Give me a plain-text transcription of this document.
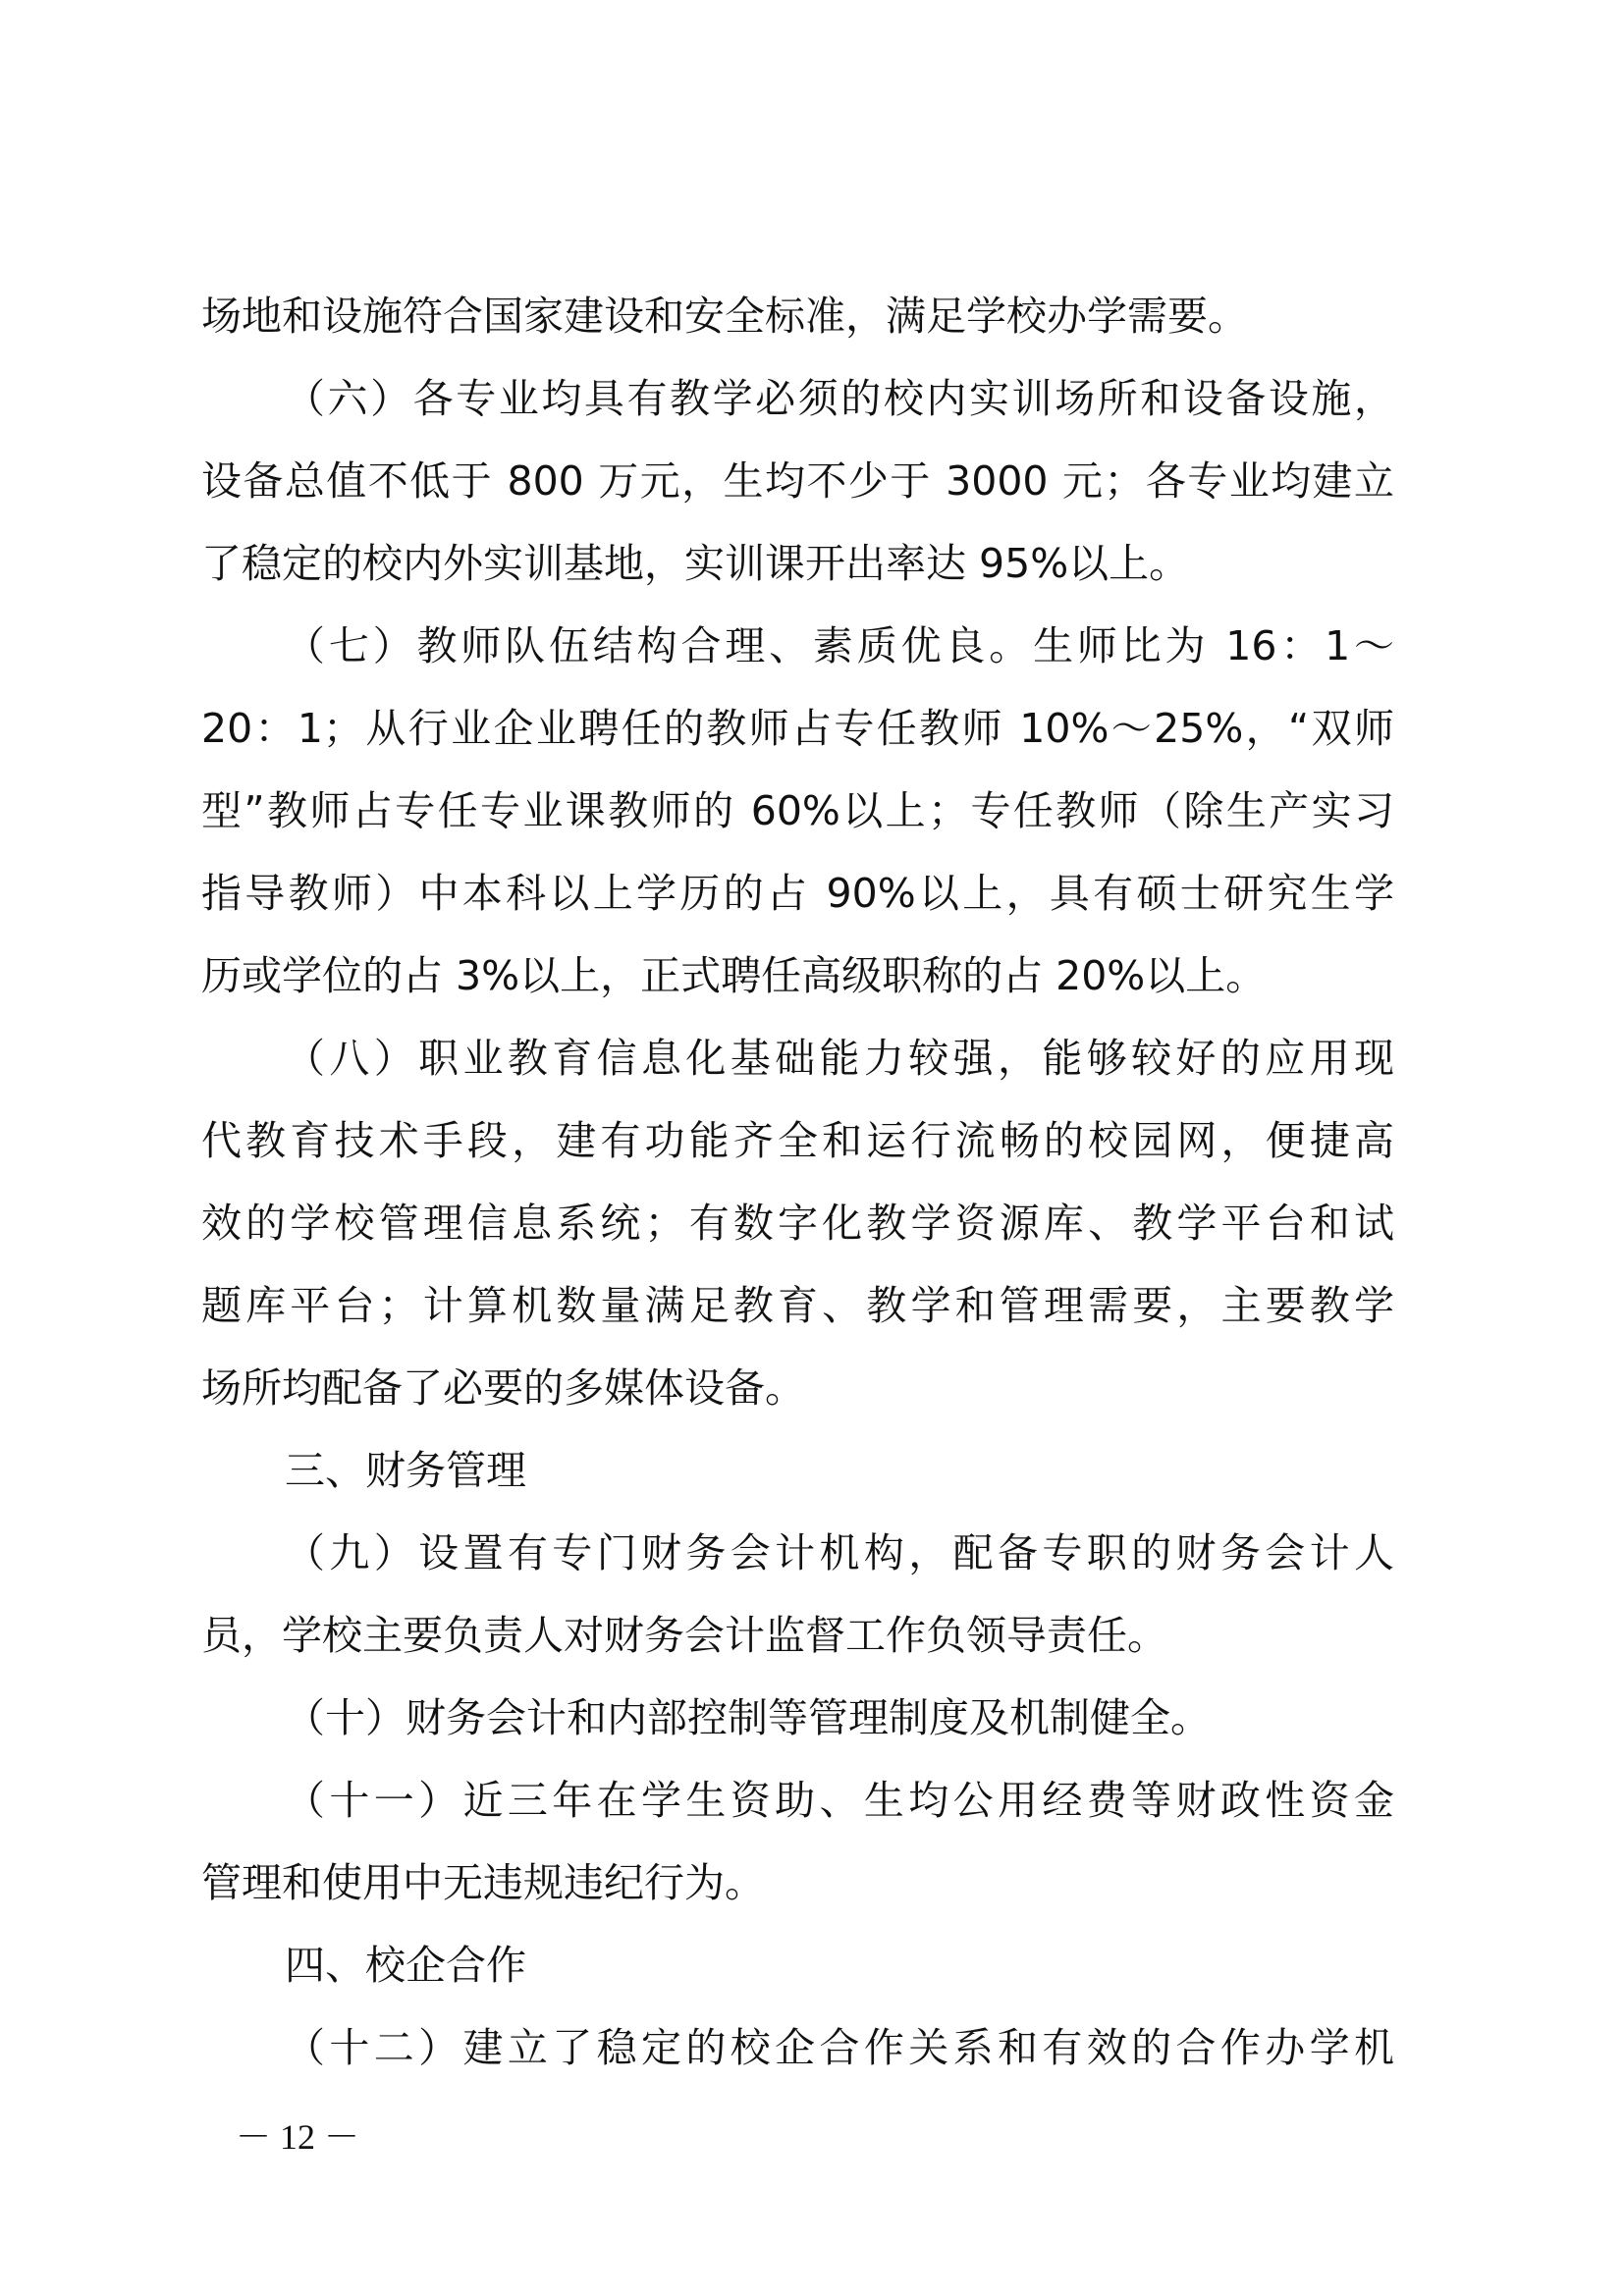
场地和设施符合国家建设和安全标准，满足学校办学需要。
（六）各专业均具有教学必须的校内实训场所和设备设施，
设备总值不低于 800 万元，生均不少于 3000 元；各专业均建立
了稳定的校内外实训基地，实训课开出率达 95%以上。
（七）教师队伍结构合理、素质优良。生师比为 16：1～
20：1；从行业企业聘任的教师占专任教师 10%～25%，“双师
型”教师占专任专业课教师的 60%以上；专任教师（除生产实习
指导教师）中本科以上学历的占 90%以上，具有硕士研究生学
历或学位的占 3%以上，正式聘任高级职称的占 20%以上。
（八）职业教育信息化基础能力较强，能够较好的应用现
代教育技术手段，建有功能齐全和运行流畅的校园网，便捷高
效的学校管理信息系统；有数字化教学资源库、教学平台和试
题库平台；计算机数量满足教育、教学和管理需要，主要教学
场所均配备了必要的多媒体设备。
三、财务管理
（九）设置有专门财务会计机构，配备专职的财务会计人
员，学校主要负责人对财务会计监督工作负领导责任。
（十）财务会计和内部控制等管理制度及机制健全。
（十一）近三年在学生资助、生均公用经费等财政性资金
管理和使用中无违规违纪行为。
四、校企合作
（十二）建立了稳定的校企合作关系和有效的合作办学机
－ 12 －
